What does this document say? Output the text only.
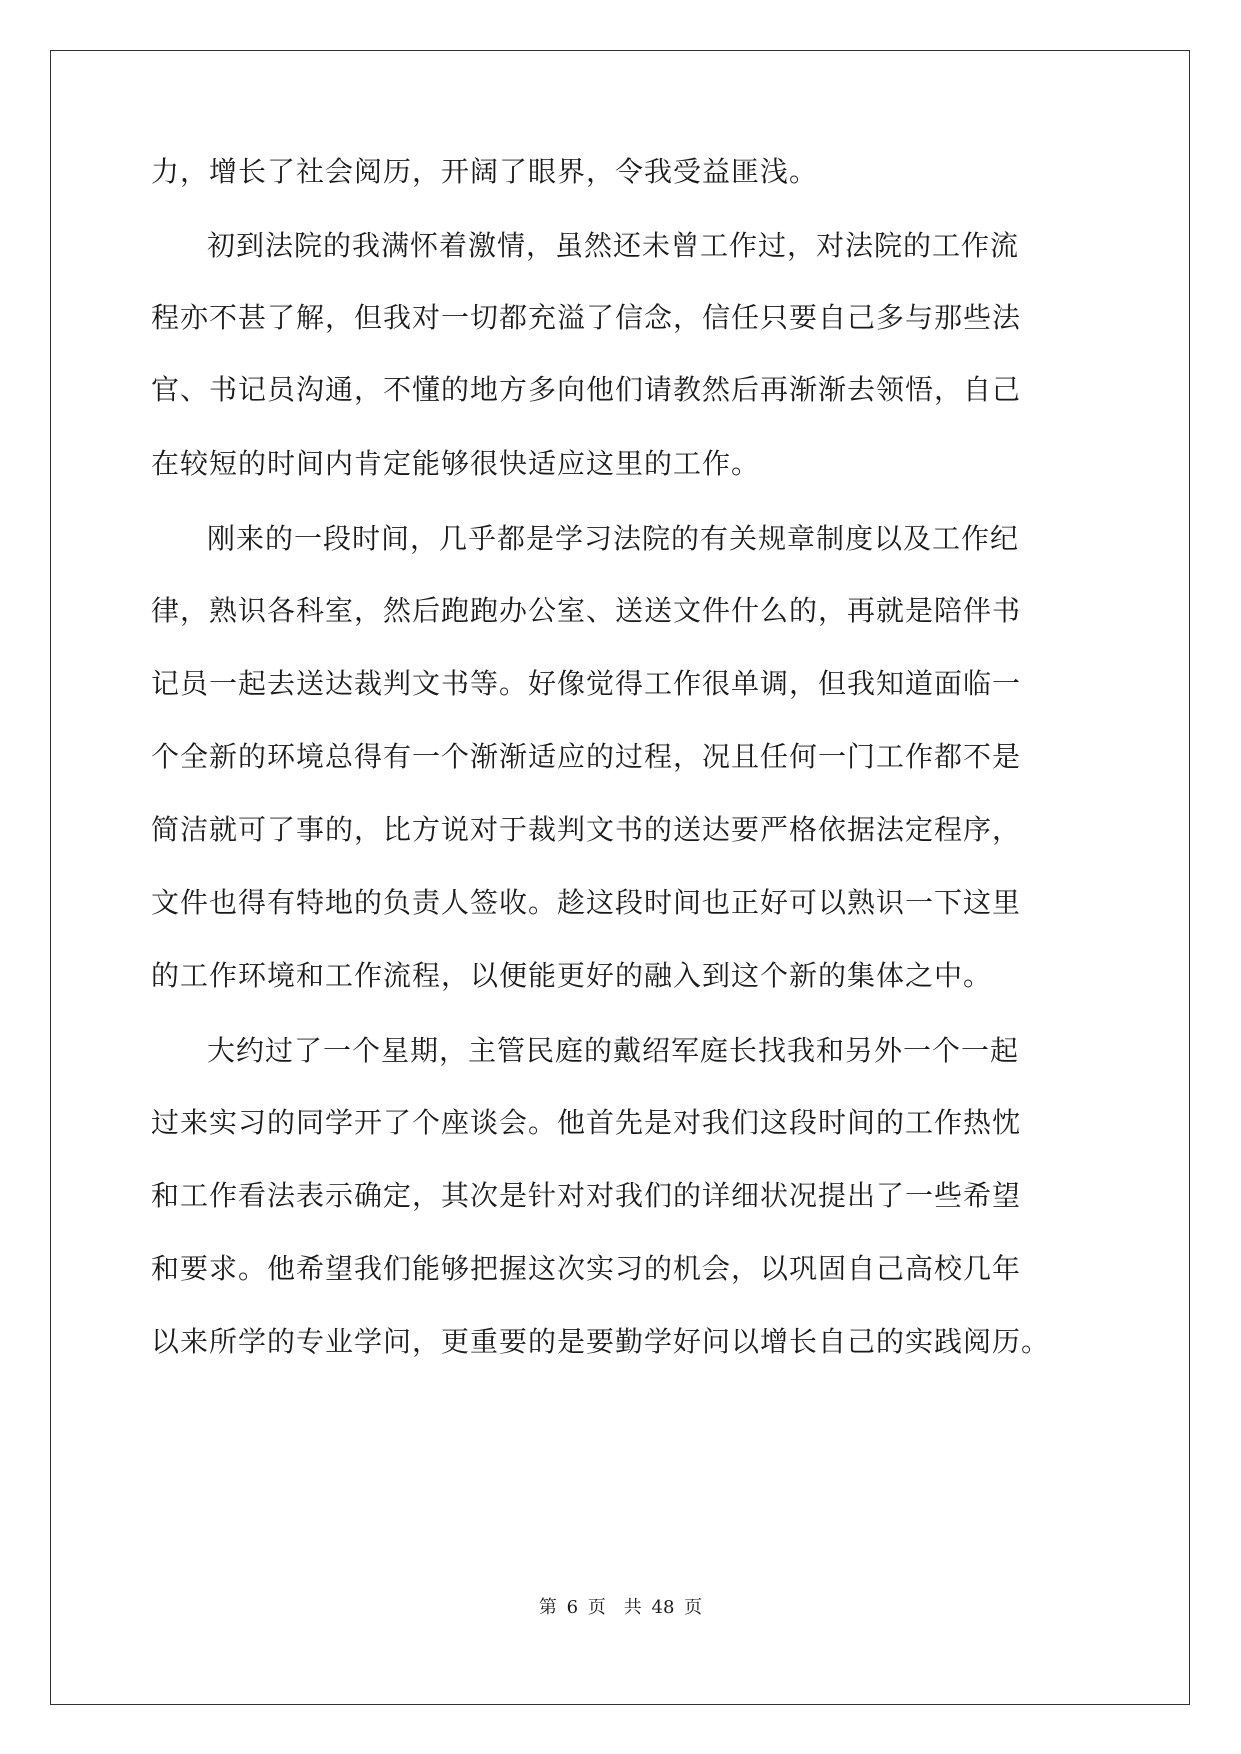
力，增长了社会阅历，开阔了眼界，令我受益匪浅。
初到法院的我满怀着激情，虽然还未曾工作过，对法院的工作流
程亦不甚了解，但我对一切都充溢了信念，信任只要自己多与那些法
官、书记员沟通，不懂的地方多向他们请教然后再渐渐去领悟，自己
在较短的时间内肯定能够很快适应这里的工作。
刚来的一段时间，几乎都是学习法院的有关规章制度以及工作纪
律，熟识各科室，然后跑跑办公室、送送文件什么的，再就是陪伴书
记员一起去送达裁判文书等。好像觉得工作很单调，但我知道面临一
个全新的环境总得有一个渐渐适应的过程，况且任何一门工作都不是
简洁就可了事的，比方说对于裁判文书的送达要严格依据法定程序，
文件也得有特地的负责人签收。趁这段时间也正好可以熟识一下这里
的工作环境和工作流程，以便能更好的融入到这个新的集体之中。
大约过了一个星期，主管民庭的戴绍军庭长找我和另外一个一起
过来实习的同学开了个座谈会。他首先是对我们这段时间的工作热忱
和工作看法表示确定，其次是针对对我们的详细状况提出了一些希望
和要求。他希望我们能够把握这次实习的机会，以巩固自己高校几年
以来所学的专业学问，更重要的是要勤学好问以增长自己的实践阅历。
第 6 页 共 48 页
